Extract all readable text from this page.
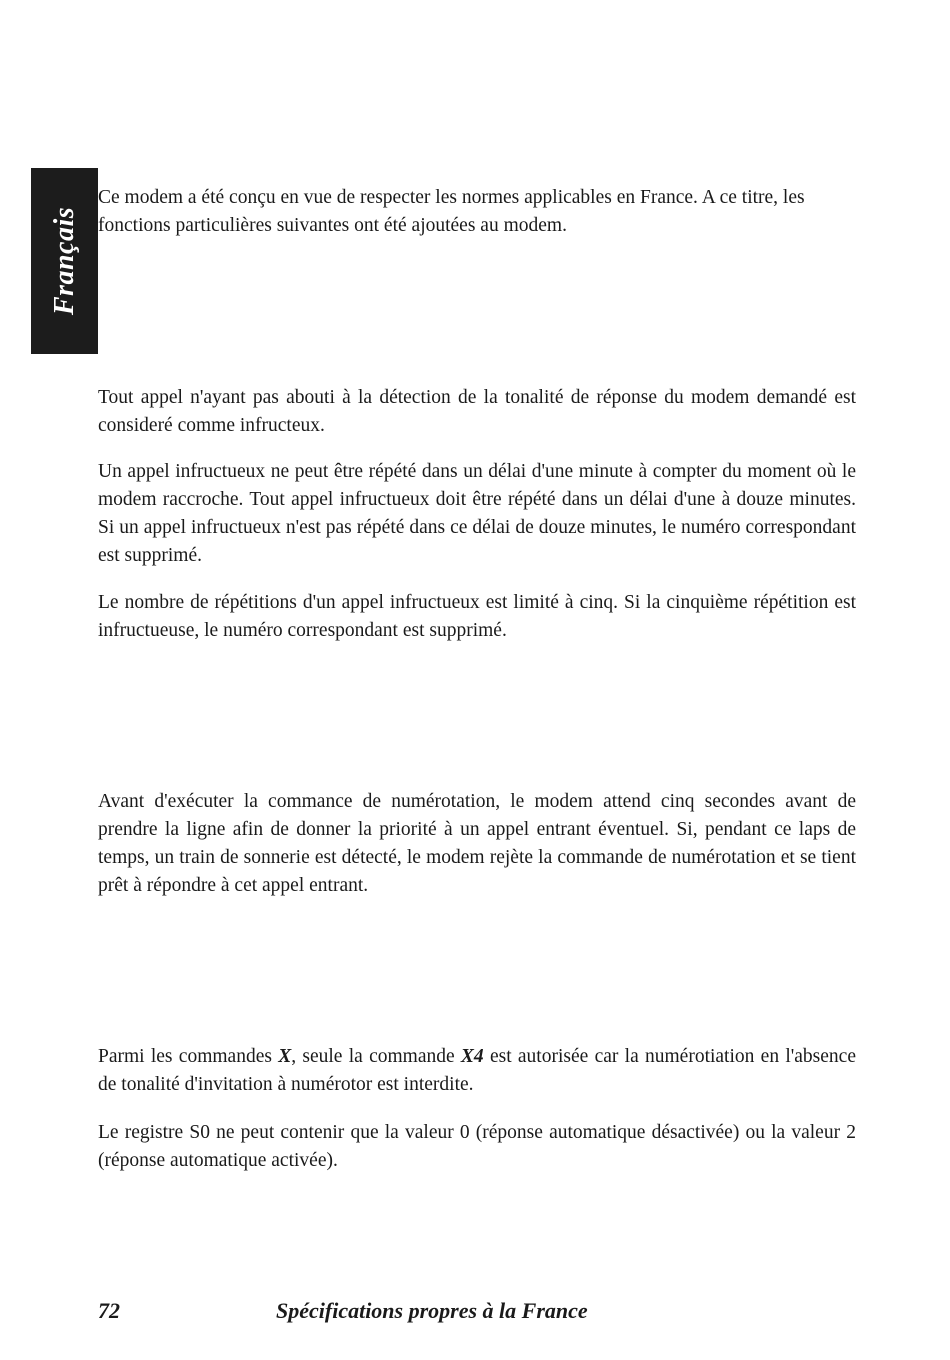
Français

Ce modem a été conçu en vue de respecter les normes applicables en France. A ce titre, les fonctions particulières suivantes ont été ajoutées au modem.

Tout appel n'ayant pas abouti à la détection de la tonalité de réponse du modem demandé est consideré comme infructeux.

Un appel infructueux ne peut être répété dans un délai d'une minute à compter du moment où le modem raccroche. Tout appel infructueux doit être répété dans un délai d'une à douze minutes. Si un appel infructueux n'est pas répété dans ce délai de douze minutes, le numéro correspondant est supprimé.

Le nombre de répétitions d'un appel infructueux est limité à cinq. Si la cinquième répétition est infructueuse, le numéro correspondant est supprimé.

Avant d'exécuter la commance de numérotation, le modem attend cinq secondes avant de prendre la ligne afin de donner la priorité à un appel entrant éventuel. Si, pendant ce laps de temps, un train de sonnerie est détecté, le modem rejète la commande de numérotation et se tient prêt à répondre à cet appel entrant.

Parmi les commandes X, seule la commande X4 est autorisée car la numérotiation en l'absence de tonalité d'invitation à numérotor est interdite.

Le registre S0 ne peut contenir que la valeur 0 (réponse automatique désactivée) ou la valeur 2 (réponse automatique activée).

72	Spécifications propres à la France
